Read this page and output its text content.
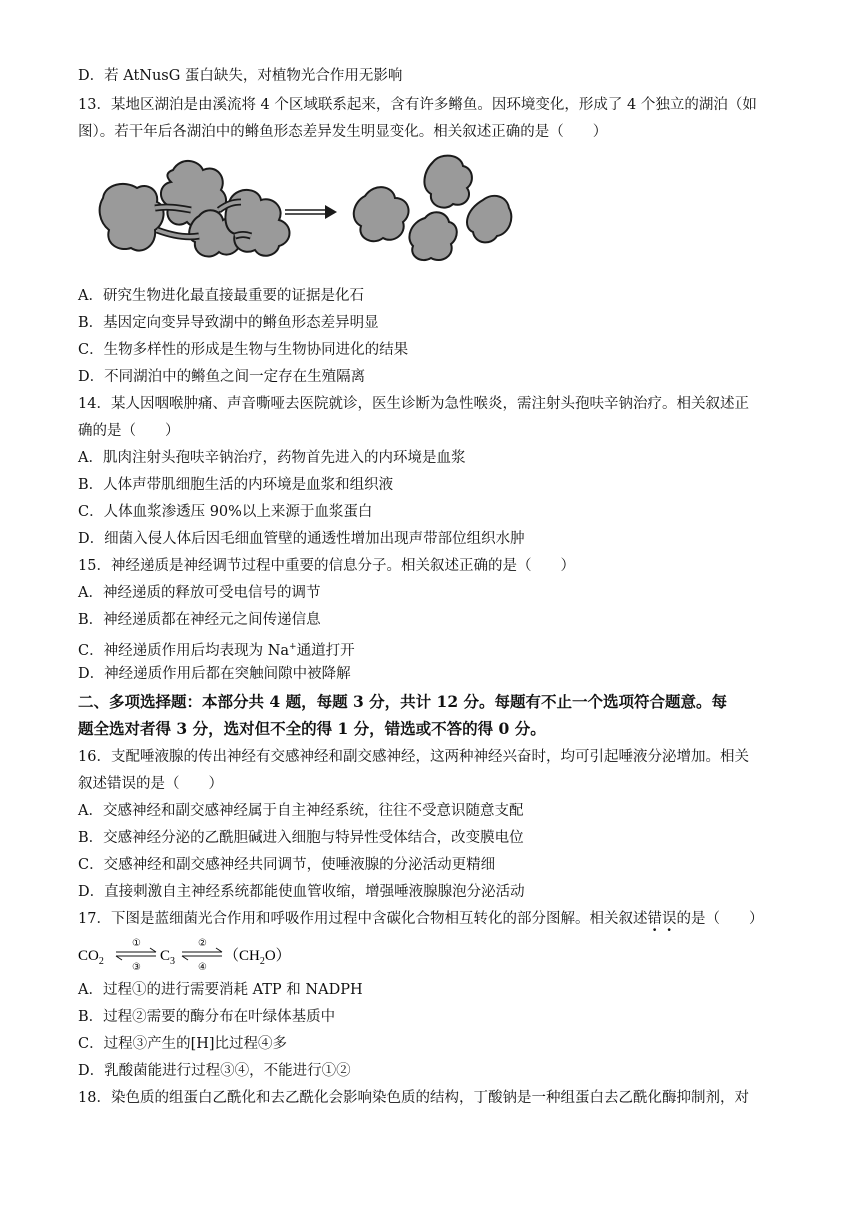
D．若 AtNusG 蛋白缺失，对植物光合作用无影响
13．某地区湖泊是由溪流将 4 个区域联系起来，含有许多鳉鱼。因环境变化，形成了 4 个独立的湖泊（如
图）。若干年后各湖泊中的鳉鱼形态差异发生明显变化。相关叙述正确的是（　　）
A．研究生物进化最直接最重要的证据是化石
B．基因定向变异导致湖中的鳉鱼形态差异明显
C．生物多样性的形成是生物与生物协同进化的结果
D．不同湖泊中的鳉鱼之间一定存在生殖隔离
14．某人因咽喉肿痛、声音嘶哑去医院就诊，医生诊断为急性喉炎，需注射头孢呋辛钠治疗。相关叙述正
确的是（　　）
A．肌肉注射头孢呋辛钠治疗，药物首先进入的内环境是血浆
B．人体声带肌细胞生活的内环境是血浆和组织液
C．人体血浆渗透压 90%以上来源于血浆蛋白
D．细菌入侵人体后因毛细血管壁的通透性增加出现声带部位组织水肿
15．神经递质是神经调节过程中重要的信息分子。相关叙述正确的是（　　）
A．神经递质的释放可受电信号的调节
B．神经递质都在神经元之间传递信息
C．神经递质作用后均表现为 Na+通道打开
D．神经递质作用后都在突触间隙中被降解
二、多项选择题：本部分共 4 题，每题 3 分，共计 12 分。每题有不止一个选项符合题意。每
题全选对者得 3 分，选对但不全的得 1 分，错选或不答的得 0 分。
16．支配唾液腺的传出神经有交感神经和副交感神经，这两种神经兴奋时，均可引起唾液分泌增加。相关
叙述错误的是（　　）
A．交感神经和副交感神经属于自主神经系统，往往不受意识随意支配
B．交感神经分泌的乙酰胆碱进入细胞与特异性受体结合，改变膜电位
C．交感神经和副交感神经共同调节，使唾液腺的分泌活动更精细
D．直接刺激自主神经系统都能使血管收缩，增强唾液腺腺泡分泌活动
17．下图是蓝细菌光合作用和呼吸作用过程中含碳化合物相互转化的部分图解。相关叙述错误的是（　　）
$CO_2$
①
③
$C_3$
②
④
$(CH_2O)$
A．过程①的进行需要消耗 ATP 和 NADPH
B．过程②需要的酶分布在叶绿体基质中
C．过程③产生的[H]比过程④多
D．乳酸菌能进行过程③④，不能进行①②
18．染色质的组蛋白乙酰化和去乙酰化会影响染色质的结构，丁酸钠是一种组蛋白去乙酰化酶抑制剂，对
